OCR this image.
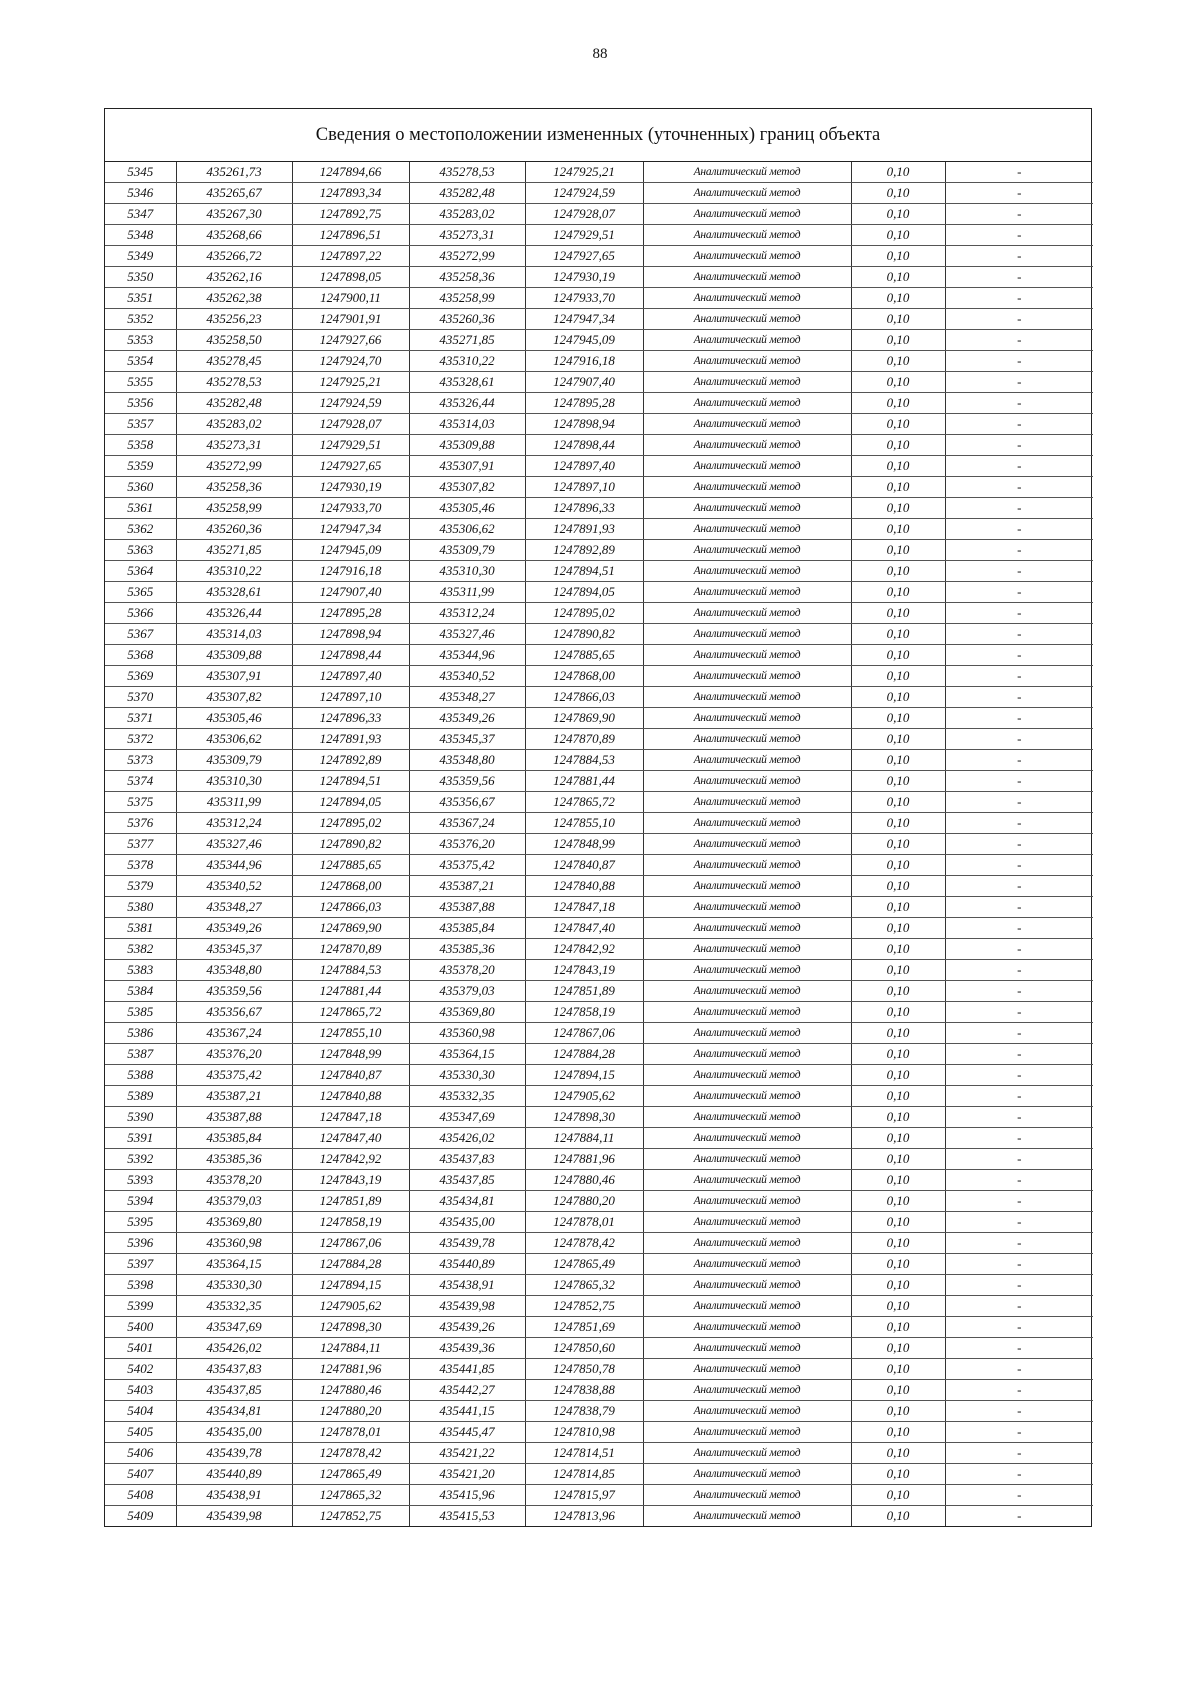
88
Сведения о местоположении измененных (уточненных) границ объекта
5345	435261,73	1247894,66	435278,53	1247925,21	Аналитический метод	0,10	-
5346	435265,67	1247893,34	435282,48	1247924,59	Аналитический метод	0,10	-
5347	435267,30	1247892,75	435283,02	1247928,07	Аналитический метод	0,10	-
5348	435268,66	1247896,51	435273,31	1247929,51	Аналитический метод	0,10	-
5349	435266,72	1247897,22	435272,99	1247927,65	Аналитический метод	0,10	-
5350	435262,16	1247898,05	435258,36	1247930,19	Аналитический метод	0,10	-
5351	435262,38	1247900,11	435258,99	1247933,70	Аналитический метод	0,10	-
5352	435256,23	1247901,91	435260,36	1247947,34	Аналитический метод	0,10	-
5353	435258,50	1247927,66	435271,85	1247945,09	Аналитический метод	0,10	-
5354	435278,45	1247924,70	435310,22	1247916,18	Аналитический метод	0,10	-
5355	435278,53	1247925,21	435328,61	1247907,40	Аналитический метод	0,10	-
5356	435282,48	1247924,59	435326,44	1247895,28	Аналитический метод	0,10	-
5357	435283,02	1247928,07	435314,03	1247898,94	Аналитический метод	0,10	-
5358	435273,31	1247929,51	435309,88	1247898,44	Аналитический метод	0,10	-
5359	435272,99	1247927,65	435307,91	1247897,40	Аналитический метод	0,10	-
5360	435258,36	1247930,19	435307,82	1247897,10	Аналитический метод	0,10	-
5361	435258,99	1247933,70	435305,46	1247896,33	Аналитический метод	0,10	-
5362	435260,36	1247947,34	435306,62	1247891,93	Аналитический метод	0,10	-
5363	435271,85	1247945,09	435309,79	1247892,89	Аналитический метод	0,10	-
5364	435310,22	1247916,18	435310,30	1247894,51	Аналитический метод	0,10	-
5365	435328,61	1247907,40	435311,99	1247894,05	Аналитический метод	0,10	-
5366	435326,44	1247895,28	435312,24	1247895,02	Аналитический метод	0,10	-
5367	435314,03	1247898,94	435327,46	1247890,82	Аналитический метод	0,10	-
5368	435309,88	1247898,44	435344,96	1247885,65	Аналитический метод	0,10	-
5369	435307,91	1247897,40	435340,52	1247868,00	Аналитический метод	0,10	-
5370	435307,82	1247897,10	435348,27	1247866,03	Аналитический метод	0,10	-
5371	435305,46	1247896,33	435349,26	1247869,90	Аналитический метод	0,10	-
5372	435306,62	1247891,93	435345,37	1247870,89	Аналитический метод	0,10	-
5373	435309,79	1247892,89	435348,80	1247884,53	Аналитический метод	0,10	-
5374	435310,30	1247894,51	435359,56	1247881,44	Аналитический метод	0,10	-
5375	435311,99	1247894,05	435356,67	1247865,72	Аналитический метод	0,10	-
5376	435312,24	1247895,02	435367,24	1247855,10	Аналитический метод	0,10	-
5377	435327,46	1247890,82	435376,20	1247848,99	Аналитический метод	0,10	-
5378	435344,96	1247885,65	435375,42	1247840,87	Аналитический метод	0,10	-
5379	435340,52	1247868,00	435387,21	1247840,88	Аналитический метод	0,10	-
5380	435348,27	1247866,03	435387,88	1247847,18	Аналитический метод	0,10	-
5381	435349,26	1247869,90	435385,84	1247847,40	Аналитический метод	0,10	-
5382	435345,37	1247870,89	435385,36	1247842,92	Аналитический метод	0,10	-
5383	435348,80	1247884,53	435378,20	1247843,19	Аналитический метод	0,10	-
5384	435359,56	1247881,44	435379,03	1247851,89	Аналитический метод	0,10	-
5385	435356,67	1247865,72	435369,80	1247858,19	Аналитический метод	0,10	-
5386	435367,24	1247855,10	435360,98	1247867,06	Аналитический метод	0,10	-
5387	435376,20	1247848,99	435364,15	1247884,28	Аналитический метод	0,10	-
5388	435375,42	1247840,87	435330,30	1247894,15	Аналитический метод	0,10	-
5389	435387,21	1247840,88	435332,35	1247905,62	Аналитический метод	0,10	-
5390	435387,88	1247847,18	435347,69	1247898,30	Аналитический метод	0,10	-
5391	435385,84	1247847,40	435426,02	1247884,11	Аналитический метод	0,10	-
5392	435385,36	1247842,92	435437,83	1247881,96	Аналитический метод	0,10	-
5393	435378,20	1247843,19	435437,85	1247880,46	Аналитический метод	0,10	-
5394	435379,03	1247851,89	435434,81	1247880,20	Аналитический метод	0,10	-
5395	435369,80	1247858,19	435435,00	1247878,01	Аналитический метод	0,10	-
5396	435360,98	1247867,06	435439,78	1247878,42	Аналитический метод	0,10	-
5397	435364,15	1247884,28	435440,89	1247865,49	Аналитический метод	0,10	-
5398	435330,30	1247894,15	435438,91	1247865,32	Аналитический метод	0,10	-
5399	435332,35	1247905,62	435439,98	1247852,75	Аналитический метод	0,10	-
5400	435347,69	1247898,30	435439,26	1247851,69	Аналитический метод	0,10	-
5401	435426,02	1247884,11	435439,36	1247850,60	Аналитический метод	0,10	-
5402	435437,83	1247881,96	435441,85	1247850,78	Аналитический метод	0,10	-
5403	435437,85	1247880,46	435442,27	1247838,88	Аналитический метод	0,10	-
5404	435434,81	1247880,20	435441,15	1247838,79	Аналитический метод	0,10	-
5405	435435,00	1247878,01	435445,47	1247810,98	Аналитический метод	0,10	-
5406	435439,78	1247878,42	435421,22	1247814,51	Аналитический метод	0,10	-
5407	435440,89	1247865,49	435421,20	1247814,85	Аналитический метод	0,10	-
5408	435438,91	1247865,32	435415,96	1247815,97	Аналитический метод	0,10	-
5409	435439,98	1247852,75	435415,53	1247813,96	Аналитический метод	0,10	-
